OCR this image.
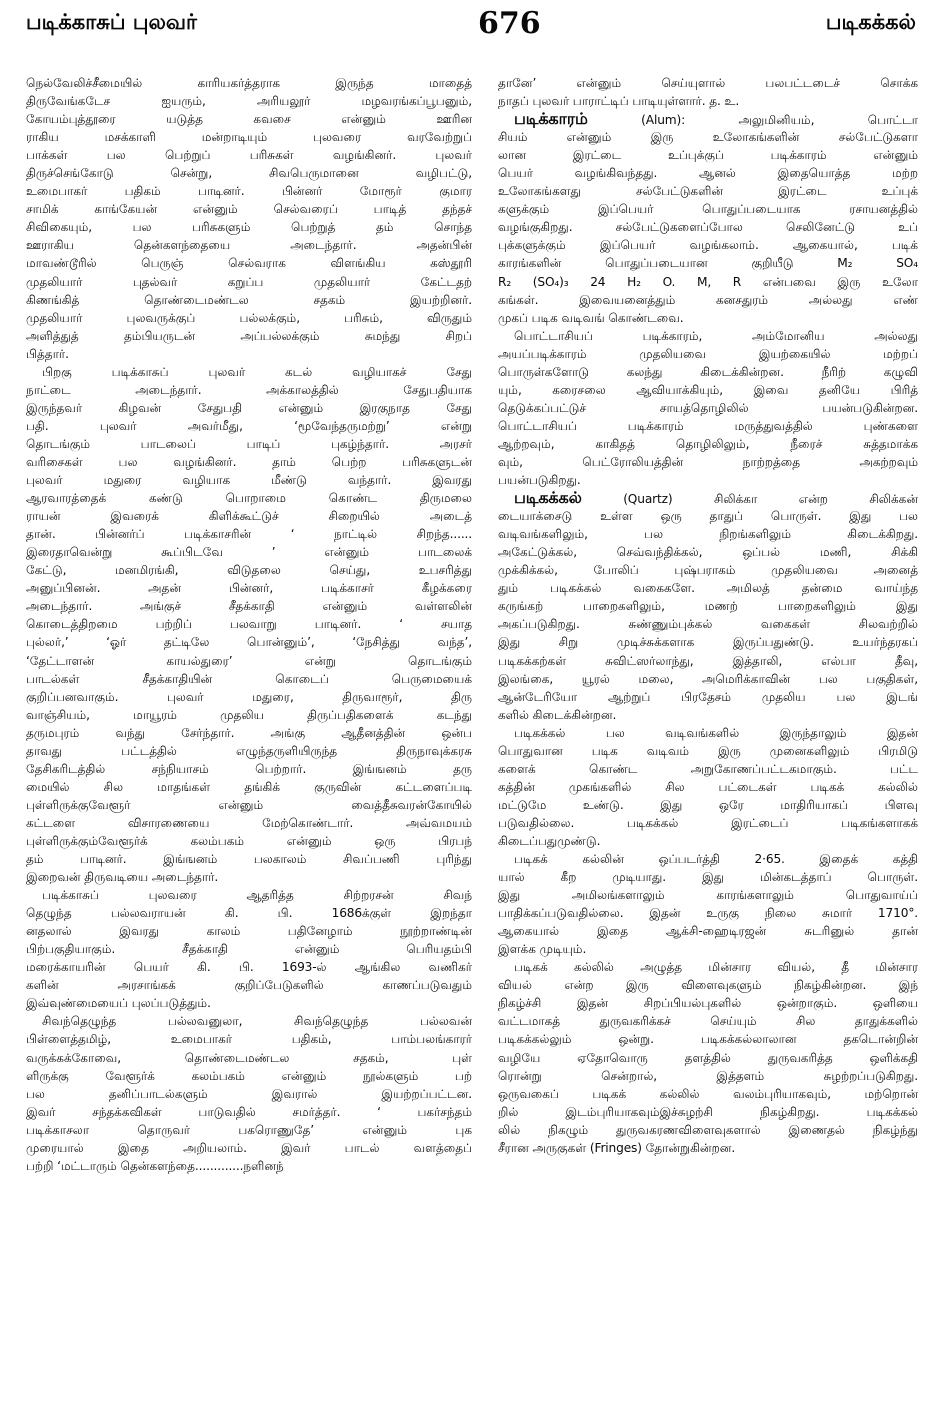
படிக்காசுப் புலவர்	676	படிகக்கல்
நெல்வேலிச்சீமையில் காரியகர்த்தராக இருந்த மாதைத்
திருவேங்கடேச ஐயரும், அரியலூர் மழவரங்கப்பூபனும்,
கோயம்புத்தூரை யடுத்த கவசை என்னும் ஊரின
ராகிய மசக்காளி மன்றாடியும் புலவரை வரவேற்றுப்
பாக்கள் பல பெற்றுப் பரிசுகள் வழங்கினர். புலவர்
திருச்செங்கோடு சென்று, சிவபெருமானை வழிபட்டு,
உமைபாகர் பதிகம் பாடினர். பின்னர் மோரூர் குமார
சாமிக் காங்கேயன் என்னும் செல்வரைப் பாடித் தந்தச்
சிவிகையும், பல பரிசுகளும் பெற்றுத் தம் சொந்த
ஊராகிய தென்களந்தையை அடைந்தார். அதன்பின்
மாவண்டூரில் பெருஞ் செல்வராக விளங்கிய கஸ்தூரி
முதலியார் புதல்வர் கறுப்ப முதலியார் கேட்டதற்
கிணங்கித் தொண்டைமண்டல சதகம் இயற்றினர்.
முதலியார் புலவருக்குப் பல்லக்கும், பரிசும், விருதும்
அளித்துத் தம்பியருடன் அப்பல்லக்கும் சுமந்து சிறப்
பித்தார்.
பிறகு படிக்காசுப் புலவர் கடல் வழியாகச் சேது
நாட்டை அடைந்தார். அக்காலத்தில் சேதுபதியாக
இருந்தவர் கிழவன் சேதுபதி என்னும் இரகுநாத சேது
பதி. புலவர் அவர்மீது, ‘மூவேந்தருமற்று’ என்று
தொடங்கும் பாடலைப் பாடிப் புகழ்ந்தார். அரசர்
வரிசைகள் பல வழங்கினர். தாம் பெற்ற பரிசுகளுடன்
புலவர் மதுரை வழியாக மீண்டு வந்தார். இவரது
ஆரவாரத்தைக் கண்டு பொறாமை கொண்ட திருமலை
ராயன் இவரைக் கிளிக்கூட்டுச் சிறையில் அடைத்
தான். பின்னர்ப் படிக்காசரின் ‘ நாட்டில் சிறந்த......
இரைதாவென்று கூப்பிடவே ’ என்னும் பாடலைக்
கேட்டு, மனமிரங்கி, விடுதலை செய்து, உபசரித்து
அனுப்பினன். அதன் பின்னர், படிக்காசர் கீழக்கரை
அடைந்தார். அங்குச் சீதக்காதி என்னும் வள்ளலின்
கொடைத்திறமை பற்றிப் பலவாறு பாடினர். ‘ சயாத
புல்லர்,’ ‘ஓர் தட்டிலே பொன்னும்’, ‘நேசித்து வந்த’,
‘தேட்டாளன் காயல்துரை’ என்று தொடங்கும்
பாடல்கள் சீதக்காதியின் கொடைப் பெருமையைக்
குறிப்பனவாகும். புலவர் மதுரை, திருவாரூர், திரு
வாஞ்சியம், மாயூரம் முதலிய திருப்பதிகளைக் கடந்து
தருமபுரம் வந்து சேர்ந்தார். அங்கு ஆதீனத்தின் ஒன்ப
தாவது பட்டத்தில் எழுந்தருளியிருந்த திருநாவுக்கரசு
தேசிகரிடத்தில் சந்நியாசம் பெற்றார். இங்ஙனம் தரு
மையில் சில மாதங்கள் தங்கிக் குருவின் கட்டளைப்படி
புள்ளிருக்குவேளூர் என்னும் வைத்தீசுவரன்கோயில்
கட்டளை விசாரணையை மேற்கொண்டார். அவ்வமயம்
புள்ளிருக்கும்வேளூர்க் கலம்பகம் என்னும் ஒரு பிரபந்
தம் பாடினர். இங்ஙனம் பலகாலம் சிவப்பணி புரிந்து
இறைவன் திருவடியை அடைந்தார்.
படிக்காசுப் புலவரை ஆதரித்த சிற்றரசன் சிவந்
தெழுந்த பல்லவராயன் கி. பி. 1686க்குள் இறந்தா
னதலால் இவரது காலம் பதினேழாம் நூற்றாண்டின்
பிற்பகுதியாகும். சீதக்காதி என்னும் பெரியதம்பி
மரைக்காயரின் பெயர் கி. பி. 1693-ல் ஆங்கில வணிகர்
களின் அரசாங்கக் குறிப்பேடுகளில் காணப்படுவதும்
இவ்வுண்மையைப் புலப்படுத்தும்.
சிவந்தெழுந்த பல்லவனுலா, சிவந்தெழுந்த பல்லவன்
பிள்ளைத்தமிழ், உமைபாகர் பதிகம், பாம்பலங்காரர்
வருக்கக்கோவை, தொண்டைமண்டல சதகம், புள்
ளிருக்கு வேளூர்க் கலம்பகம் என்னும் நூல்களும் பற்
பல தனிப்பாடல்களும் இவரால் இயற்றப்பட்டன.
இவர் சந்தக்கவிகள் பாடுவதில் சமர்த்தர். ‘ பகர்சந்தம்
படிக்காசலா தொருவர் பகரொணுதே’ என்னும் புக
முரையால் இதை அறியலாம். இவர் பாடல் வளத்தைப்
பற்றி ‘மட்டாரும் தென்களந்தை.............நளினந்
தானே’ என்னும் செய்யுளால் பலபட்டடைச் சொக்க
நாதப் புலவர் பாராட்டிப் பாடியுள்ளார். த. உ.
படிக்காரம் (Alum): அலுமினியம், பொட்டா
சியம் என்னும் இரு உலோகங்களின் சல்பேட்டுகளா
லான இரட்டை உப்புக்குப் படிக்காரம் என்னும்
பெயர் வழங்கிவந்தது. ஆனல் இதையொத்த மற்ற
உலோகங்களது சல்பேட்டுகளின் இரட்டை உப்புக்
களுக்கும் இப்பெயர் பொதுப்படையாக ரசாயனத்தில்
வழங்குகிறது. சல்பேட்டுகளைப்போல செலினேட்டு உப்
புக்களுக்கும் இப்பெயர் வழங்கலாம். ஆகையால், படிக்
காரங்களின் பொதுப்படையான குறியீடு M₂ SO₄
R₂ (SO₄)₃ 24 H₂ O. M, R என்பவை இரு உலோ
கங்கள். இவையனைத்தும் கனசதுரம் அல்லது எண்
முகப் படிக வடிவங் கொண்டவை.
பொட்டாசியப் படிக்காரம், அம்மோனிய அல்லது
அயப்படிக்காரம் முதலியவை இயற்கையில் மற்றப்
பொருள்களோடு கலந்து கிடைக்கின்றன. நீரிற் கழுவி
யும், கரைசலை ஆவியாக்கியும், இவை தனியே பிரித்
தெடுக்கப்பட்டுச் சாயத்தொழிலில் பயன்படுகின்றன.
பொட்டாசியப் படிக்காரம் மருத்துவத்தில் புண்களை
ஆற்றவும், காகிதத் தொழிலிலும், நீரைச் சுத்தமாக்க
வும், பெட்ரோலியத்தின் நாற்றத்தை அகற்றவும்
பயன்படுகிறது.
படிகக்கல் (Quartz) சிலிக்கா என்ற சிலிக்கன்
டையாக்சைடு உள்ள ஒரு தாதுப் பொருள். இது பல
வடிவங்களிலும், பல நிறங்களிலும் கிடைக்கிறது.
அகேட்டுக்கல், செவ்வந்திக்கல், ஒப்பல் மணி, சிக்கி
முக்கிக்கல், போலிப் புஷ்பராகம் முதலியவை அனைத்
தும் படிகக்கல் வகைகளே. அமிலத் தன்மை வாய்ந்த
கருங்கற் பாறைகளிலும், மணற் பாறைகளிலும் இது
அகப்படுகிறது. சுண்ணும்புக்கல் வகைகள் சிலவற்றில்
இது சிறு முடிச்சுக்களாக இருப்பதுண்டு. உயர்ந்தரகப்
படிகக்கற்கள் சுவிட்ஸர்லாந்து, இத்தாலி, எல்பா தீவு,
இலங்கை, யூரல் மலை, அமெரிக்காவின் பல பகுதிகள்,
ஆன்டேரியோ ஆற்றுப் பிரதேசம் முதலிய பல இடங்
களில் கிடைக்கின்றன.
படிகக்கல் பல வடிவங்களில் இருந்தாலும் இதன்
பொதுவான படிக வடிவம் இரு முனைகளிலும் பிரமிடு
களைக் கொண்ட அறுகோணப்பட்டகமாகும். பட்ட
கத்தின் முகங்களில் சில பட்டைகள் படிகக் கல்லில்
மட்டுமே உண்டு. இது ஒரே மாதிரியாகப் பிளவு
படுவதில்லை. படிகக்கல் இரட்டைப் படிகங்களாகக்
கிடைப்பதுமுண்டு.
படிகக் கல்லின் ஒப்படர்த்தி 2·65. இதைக் கத்தி
யால் கீற முடியாது. இது மின்கடத்தாப் பொருள்.
இது அமிலங்களாலும் காரங்களாலும் பொதுவாய்ப்
பாதிக்கப்படுவதில்லை. இதன் உருகு நிலை சுமார் 1710°.
ஆகையால் இதை ஆக்சி-ஹைடிரஜன் சுடரினுல் தான்
இளக்க முடியும்.
படிகக் கல்லில் அழுத்த மின்சார வியல், தீ மின்சார
வியல் என்ற இரு விளைவுகளும் நிகழ்கின்றன. இந்
நிகழ்ச்சி இதன் சிறப்பியல்புகளில் ஒன்றாகும். ஒளியை
வட்டமாகத் துருவகரிக்கச் செய்யும் சில தாதுக்களில்
படிகக்கல்லும் ஒன்று. படிகக்கல்லாலான தகடொன்றின்
வழியே ஏதோவொரு தளத்தில் துருவகரித்த ஒளிக்கதி
ரொன்று சென்றால், இத்தளம் சுழற்றப்படுகிறது.
ஒருவகைப் படிகக் கல்லில் வலம்புரியாகவும், மற்றொன்
றில் இடம்புரியாகவும்இச்சுழற்சி நிகழ்கிறது. படிகக்கல்
லில் நிகழும் துருவகரணவிளைவுகளால் இணைதல் நிகழ்ந்து
சீரான அருகுகள் (Fringes) தோன்றுகின்றன.
